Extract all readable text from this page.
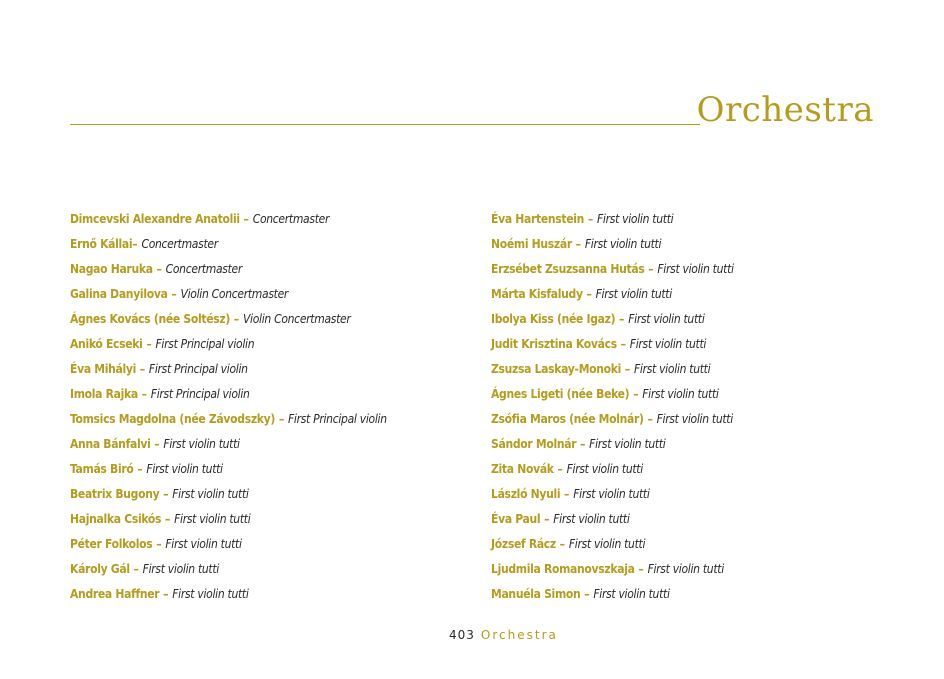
Orchestra
Dimcevski Alexandre Anatolii – Concertmaster
Ernő Kállai– Concertmaster
Nagao Haruka – Concertmaster
Galina Danyilova – Violin Concertmaster
Ágnes Kovács (née Soltész) – Violin Concertmaster
Anikó Ecseki – First Principal violin
Éva Mihályi – First Principal violin
Imola Rajka – First Principal violin
Tomsics Magdolna (née Závodszky) – First Principal violin
Anna Bánfalvi – First violin tutti
Tamás Biró – First violin tutti
Beatrix Bugony – First violin tutti
Hajnalka Csikós – First violin tutti
Péter Folkolos – First violin tutti
Károly Gál – First violin tutti
Andrea Haffner – First violin tutti
Éva Hartenstein – First violin tutti
Noémi Huszár – First violin tutti
Erzsébet Zsuzsanna Hutás – First violin tutti
Márta Kisfaludy – First violin tutti
Ibolya Kiss (née Igaz) – First violin tutti
Judit Krisztina Kovács – First violin tutti
Zsuzsa Laskay-Monoki – First violin tutti
Ágnes Ligeti (née Beke) – First violin tutti
Zsófia Maros (née Molnár) – First violin tutti
Sándor Molnár – First violin tutti
Zita Novák – First violin tutti
László Nyuli – First violin tutti
Éva Paul – First violin tutti
József Rácz – First violin tutti
Ljudmila Romanovszkaja – First violin tutti
Manuéla Simon – First violin tutti
403 Orchestra
